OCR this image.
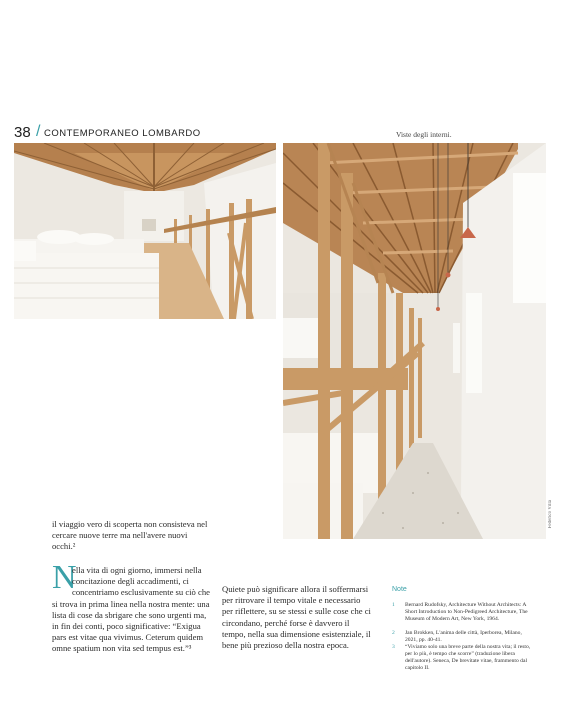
38 / CONTEMPORANEO LOMBARDO	Viste degli interni.
Federico Villa
il viaggio vero di scoperta non consisteva nel cercare nuove terre ma nell'avere nuovi occhi.²
N
ella vita di ogni giorno, immersi nella concitazione degli accadimenti, ci concentriamo esclusivamente su ciò che si trova in prima linea nella nostra mente: una lista di cose da sbrigare che sono urgenti ma, in fin dei conti, poco significative: “Exigua pars est vitae qua vivimus. Ceterum quidem omne spatium non vita sed tempus est.”³
Quiete può significare allora il soffermarsi per ritrovare il tempo vitale e necessario per riflettere, su se stessi e sulle cose che ci circondano, perché forse è davvero il tempo, nella sua dimensione esistenziale, il bene più prezioso della nostra epoca.
Note
1 Bernard Rudofsky, Architecture Without Architects: A Short Introduction to Non-Pedigreed Architecture, The Museum of Modern Art, New York, 1964.
2 Jan Brokken, L'anima delle città, Iperborea, Milano, 2021, pp. 40-41.
3 “Viviamo solo una breve parte della nostra vita; il resto, per lo più, è tempo che scorre” (traduzione libera dell'autore). Seneca, De brevitate vitae, frammento dal capitolo II.
